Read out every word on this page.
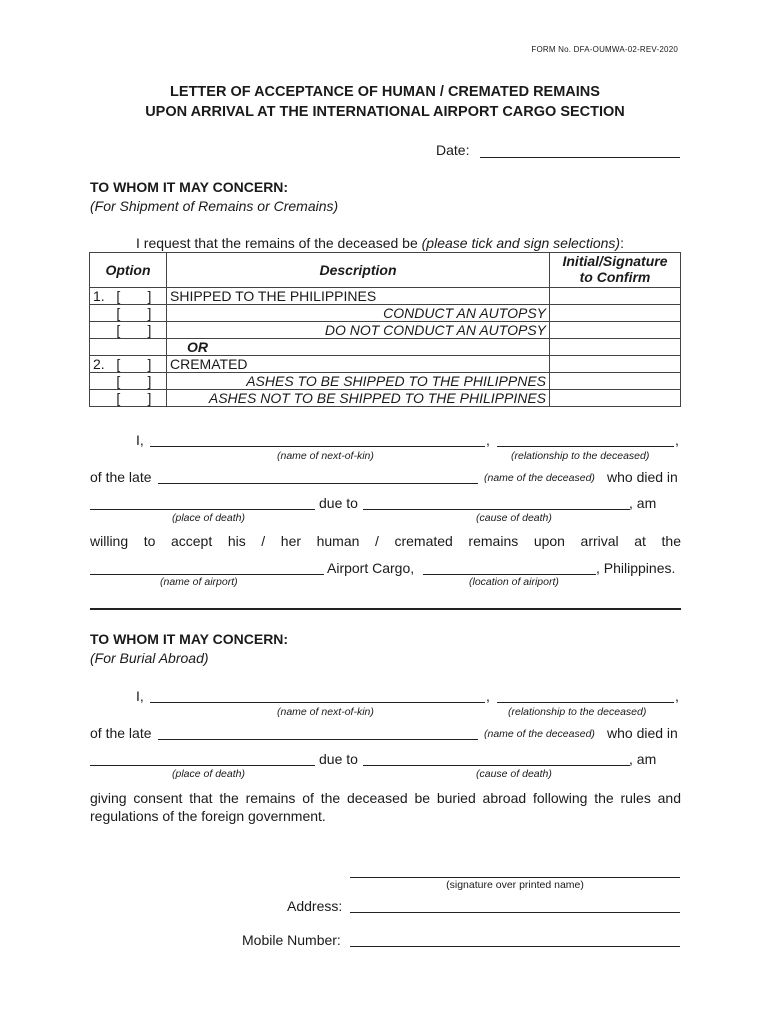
FORM No. DFA-OUMWA-02-REV-2020
LETTER OF ACCEPTANCE OF HUMAN / CREMATED REMAINS
UPON ARRIVAL AT THE INTERNATIONAL AIRPORT CARGO SECTION
Date:
TO WHOM IT MAY CONCERN:
(For Shipment of Remains or Cremains)
I request that the remains of the deceased be (please tick and sign selections):
Option	Description	Initial/Signature
to Confirm

1.   [       ]	SHIPPED TO THE PHILIPPINES	
[       ]	CONDUCT AN AUTOPSY	
[       ]	DO NOT CONDUCT AN AUTOPSY	
	OR	
2.   [       ]	CREMATED	
[       ]	ASHES TO BE SHIPPED TO THE PHILIPPNES	
[       ]	ASHES NOT TO BE SHIPPED TO THE PHILIPPINES	
I,	,	,
(name of next-of-kin)	(relationship to the deceased)
of the late	(name of the deceased) who died in
due to	, am
(place of death)	(cause of death)
willing to accept his / her human / cremated remains upon arrival at the
Airport Cargo,	, Philippines.
(name of airport)	(location of airiport)
TO WHOM IT MAY CONCERN:
(For Burial Abroad)
I,	,	,
(name of next-of-kin)	(relationship to the deceased)
of the late	(name of the deceased) who died in
due to	, am
(place of death)	(cause of death)
giving consent that the remains of the deceased be buried abroad following the rules and
regulations of the foreign government.
(signature over printed name)
Address:
Mobile Number:
